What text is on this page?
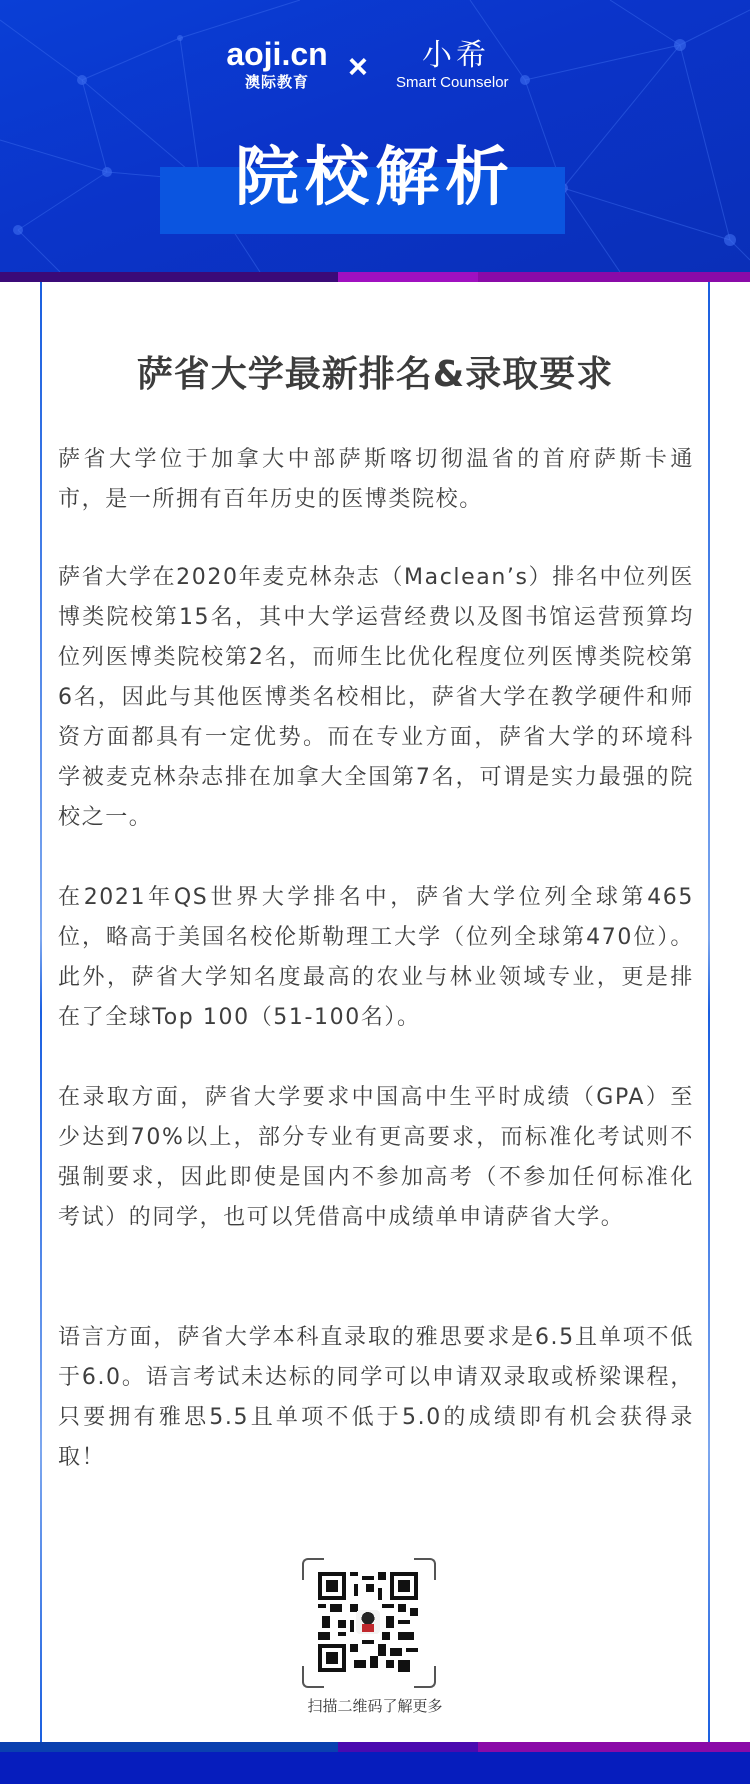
aoji.cn
澳际教育	×	小希
Smart Counselor
院校解析
萨省大学最新排名&录取要求

萨省大学位于加拿大中部萨斯喀切彻温省的首府萨斯卡通市，是一所拥有百年历史的医博类院校。

萨省大学在2020年麦克林杂志（Maclean’s）排名中位列医博类院校第15名，其中大学运营经费以及图书馆运营预算均位列医博类院校第2名，而师生比优化程度位列医博类院校第6名，因此与其他医博类名校相比，萨省大学在教学硬件和师资方面都具有一定优势。而在专业方面，萨省大学的环境科学被麦克林杂志排在加拿大全国第7名，可谓是实力最强的院校之一。

在2021年QS世界大学排名中，萨省大学位列全球第465位，略高于美国名校伦斯勒理工大学（位列全球第470位）。此外，萨省大学知名度最高的农业与林业领域专业，更是排在了全球Top 100（51-100名）。

在录取方面，萨省大学要求中国高中生平时成绩（GPA）至少达到70%以上，部分专业有更高要求，而标准化考试则不强制要求，因此即使是国内不参加高考（不参加任何标准化考试）的同学，也可以凭借高中成绩单申请萨省大学。

语言方面，萨省大学本科直录取的雅思要求是6.5且单项不低于6.0。语言考试未达标的同学可以申请双录取或桥梁课程，只要拥有雅思5.5且单项不低于5.0的成绩即有机会获得录取！

扫描二维码了解更多
